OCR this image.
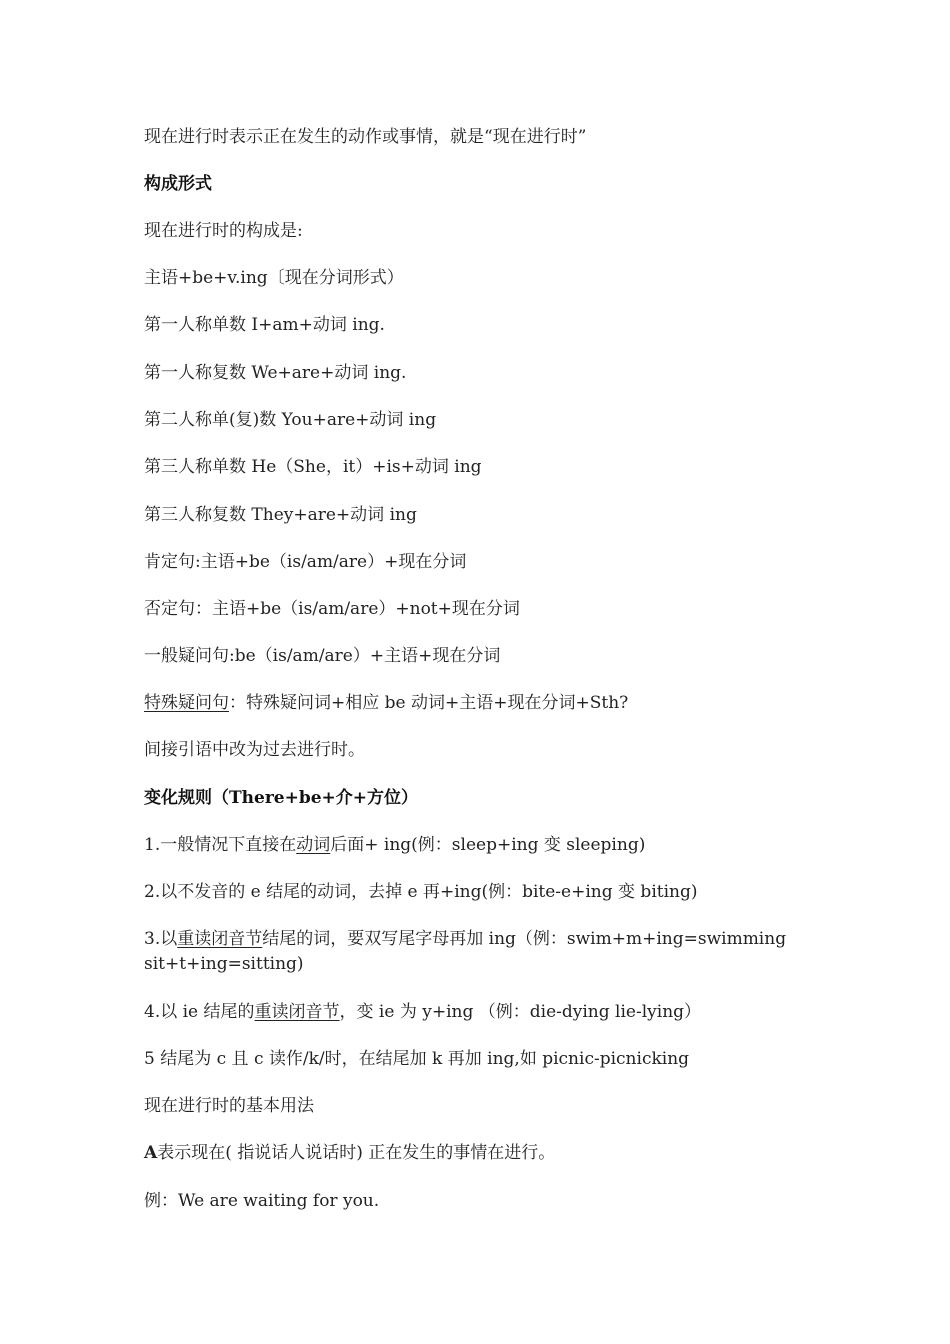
现在进行时表示正在发生的动作或事情，就是“现在进行时”
构成形式
现在进行时的构成是:
主语+be+v.ing〔现在分词形式）
第一人称单数 I+am+动词 ing.
第一人称复数 We+are+动词 ing.
第二人称单(复)数 You+are+动词 ing
第三人称单数 He（She，it）+is+动词 ing
第三人称复数 They+are+动词 ing
肯定句:主语+be（is/am/are）+现在分词
否定句：主语+be（is/am/are）+not+现在分词
一般疑问句:be（is/am/are）+主语+现在分词
特殊疑问句：特殊疑问词+相应 be 动词+主语+现在分词+Sth?
间接引语中改为过去进行时。
变化规则（There+be+介+方位）
1.一般情况下直接在动词后面+ ing(例：sleep+ing 变 sleeping)
2.以不发音的 e 结尾的动词，去掉 e 再+ing(例：bite-e+ing 变 biting)
3.以重读闭音节结尾的词，要双写尾字母再加 ing（例：swim+m+ing=swimming sit+t+ing=sitting)
4.以 ie 结尾的重读闭音节，变 ie 为 y+ing （例：die-dying lie-lying）
5 结尾为 c 且 c 读作/k/时，在结尾加 k 再加 ing,如 picnic-picnicking
现在进行时的基本用法
A表示现在( 指说话人说话时) 正在发生的事情在进行。
例：We are waiting for you.
